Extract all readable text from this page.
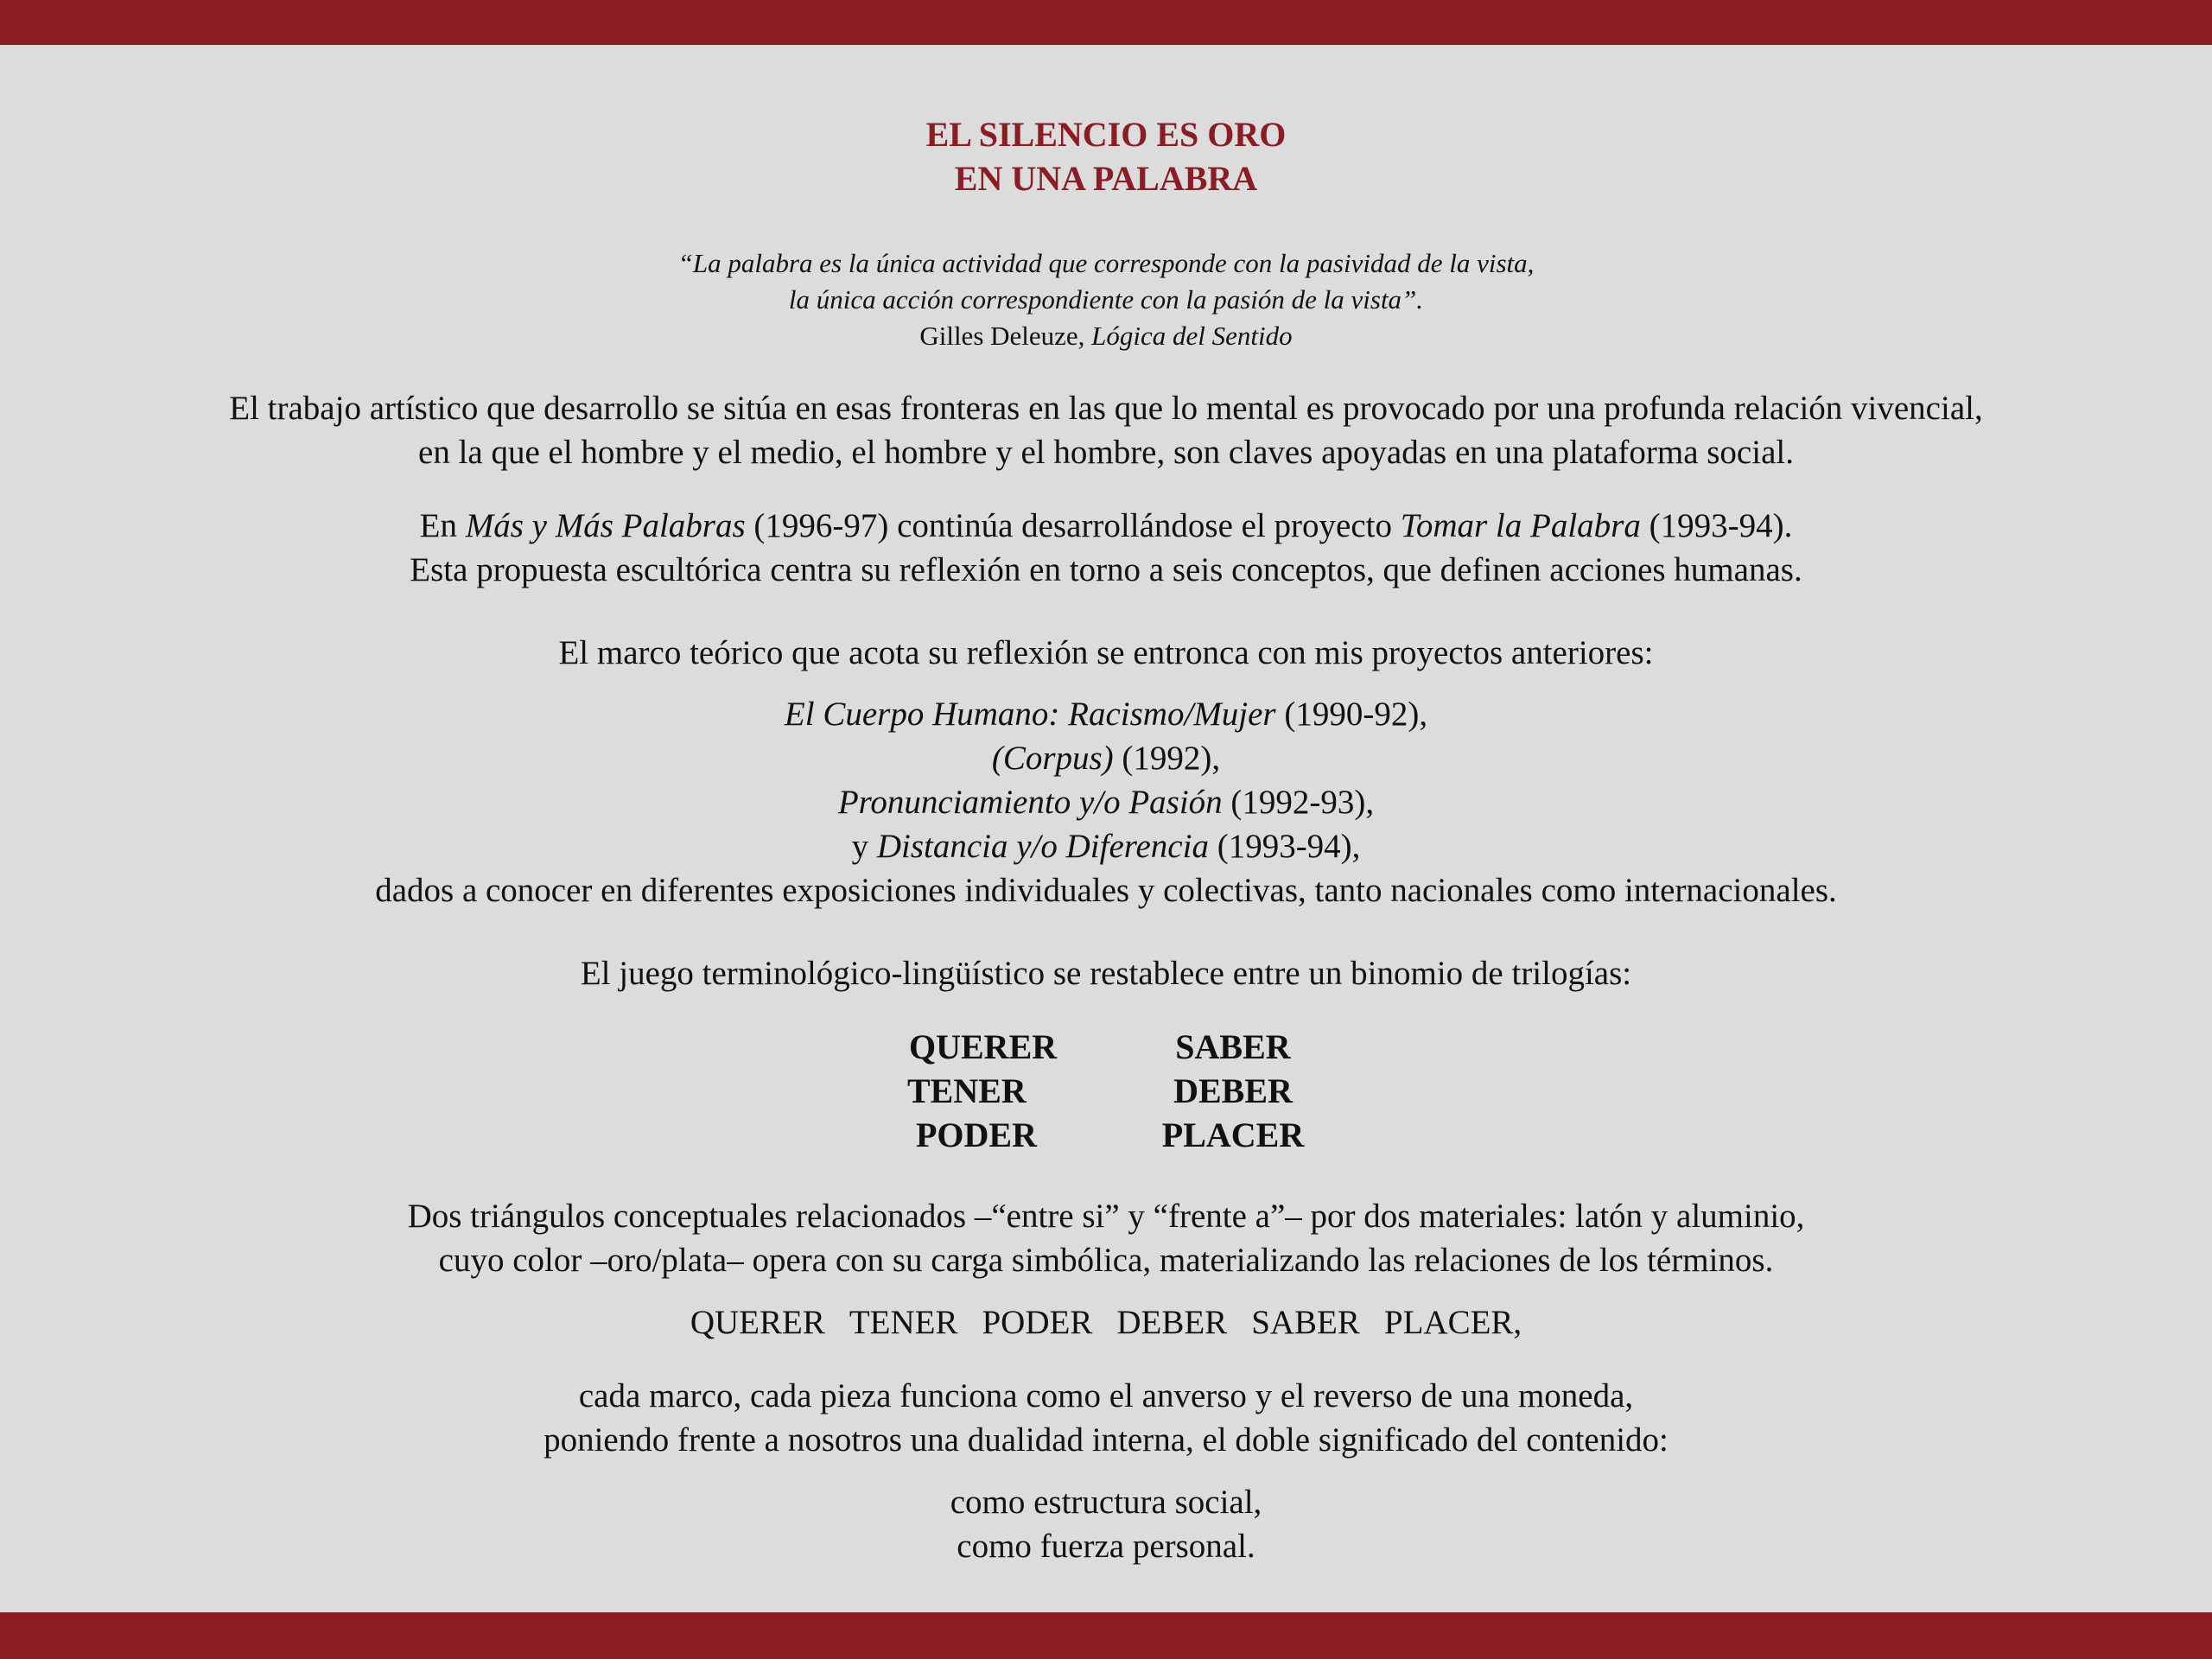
EL SILENCIO ES ORO
EN UNA PALABRA
“La palabra es la única actividad que corresponde con la pasividad de la vista,
la única acción correspondiente con la pasión de la vista”.
Gilles Deleuze, Lógica del Sentido
El trabajo artístico que desarrollo se sitúa en esas fronteras en las que lo mental es provocado por una profunda relación vivencial,
en la que el hombre y el medio, el hombre y el hombre, son claves apoyadas en una plataforma social.
En Más y Más Palabras (1996-97) continúa desarrollándose el proyecto Tomar la Palabra (1993-94).
Esta propuesta escultórica centra su reflexión en torno a seis conceptos, que definen acciones humanas.
El marco teórico que acota su reflexión se entronca con mis proyectos anteriores:
El Cuerpo Humano: Racismo/Mujer (1990-92),
(Corpus) (1992),
Pronunciamiento y/o Pasión (1992-93),
y Distancia y/o Diferencia (1993-94),
dados a conocer en diferentes exposiciones individuales y colectivas, tanto nacionales como internacionales.
El juego terminológico-lingüístico se restablece entre un binomio de trilogías:
QUERER
TENER
PODER
SABER
DEBER
PLACER
Dos triángulos conceptuales relacionados –“entre si” y “frente a”– por dos materiales: latón y aluminio,
cuyo color –oro/plata– opera con su carga simbólica, materializando las relaciones de los términos.
QUERER TENER PODER DEBER SABER PLACER,
cada marco, cada pieza funciona como el anverso y el reverso de una moneda,
poniendo frente a nosotros una dualidad interna, el doble significado del contenido:
como estructura social,
como fuerza personal.
